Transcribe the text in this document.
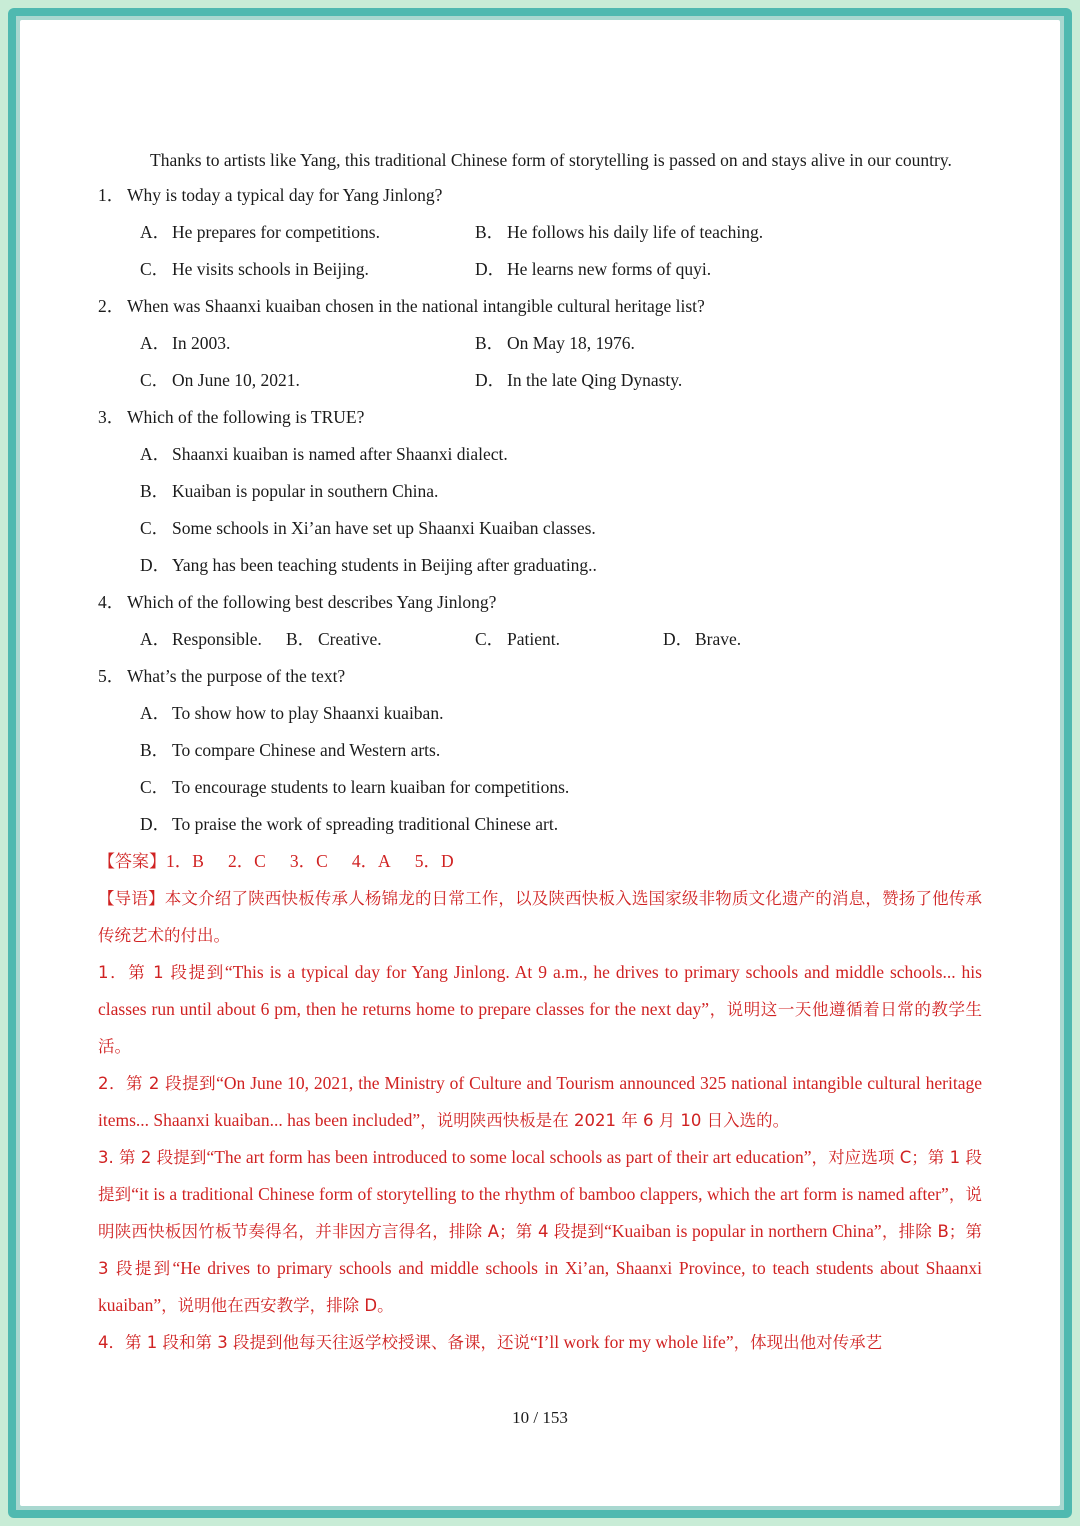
Thanks to artists like Yang, this traditional Chinese form of storytelling is passed on and stays alive in our country.

1． Why is today a typical day for Yang Jinlong?
A． He prepares for competitions.	B． He follows his daily life of teaching.
C． He visits schools in Beijing.	D． He learns new forms of quyi.
2． When was Shaanxi kuaiban chosen in the national intangible cultural heritage list?
A． In 2003.	B． On May 18, 1976.
C． On June 10, 2021.	D． In the late Qing Dynasty.
3． Which of the following is TRUE?
A． Shaanxi kuaiban is named after Shaanxi dialect.
B． Kuaiban is popular in southern China.
C． Some schools in Xi’an have set up Shaanxi Kuaiban classes.
D． Yang has been teaching students in Beijing after graduating..
4． Which of the following best describes Yang Jinlong?
A． Responsible. B． Creative.	C． Patient.	D． Brave.
5． What’s the purpose of the text?
A． To show how to play Shaanxi kuaiban.
B． To compare Chinese and Western arts.
C． To encourage students to learn kuaiban for competitions.
D． To praise the work of spreading traditional Chinese art.
【答案】1．B 2．C 3．C 4．A 5．D

【导语】本文介绍了陕西快板传承人杨锦龙的日常工作，以及陕西快板入选国家级非物质文化遗产的消息，赞扬了他传承传统艺术的付出。

1．第 1 段提到“This is a typical day for Yang Jinlong. At 9 a.m., he drives to primary schools and middle schools... his classes run until about 6 pm, then he returns home to prepare classes for the next day”，说明这一天他遵循着日常的教学生活。

2．第 2 段提到“On June 10, 2021, the Ministry of Culture and Tourism announced 325 national intangible cultural heritage items... Shaanxi kuaiban... has been included”，说明陕西快板是在 2021 年 6 月 10 日入选的。

3. 第 2 段提到“The art form has been introduced to some local schools as part of their art education”，对应选项 C；第 1 段提到“it is a traditional Chinese form of storytelling to the rhythm of bamboo clappers, which the art form is named after”，说明陕西快板因竹板节奏得名，并非因方言得名，排除 A；第 4 段提到“Kuaiban is popular in northern China”，排除 B；第 3 段提到“He drives to primary schools and middle schools in Xi’an, Shaanxi Province, to teach students about Shaanxi kuaiban”，说明他在西安教学，排除 D。

4．第 1 段和第 3 段提到他每天往返学校授课、备课，还说“I’ll work for my whole life”，体现出他对传承艺

10 / 153
